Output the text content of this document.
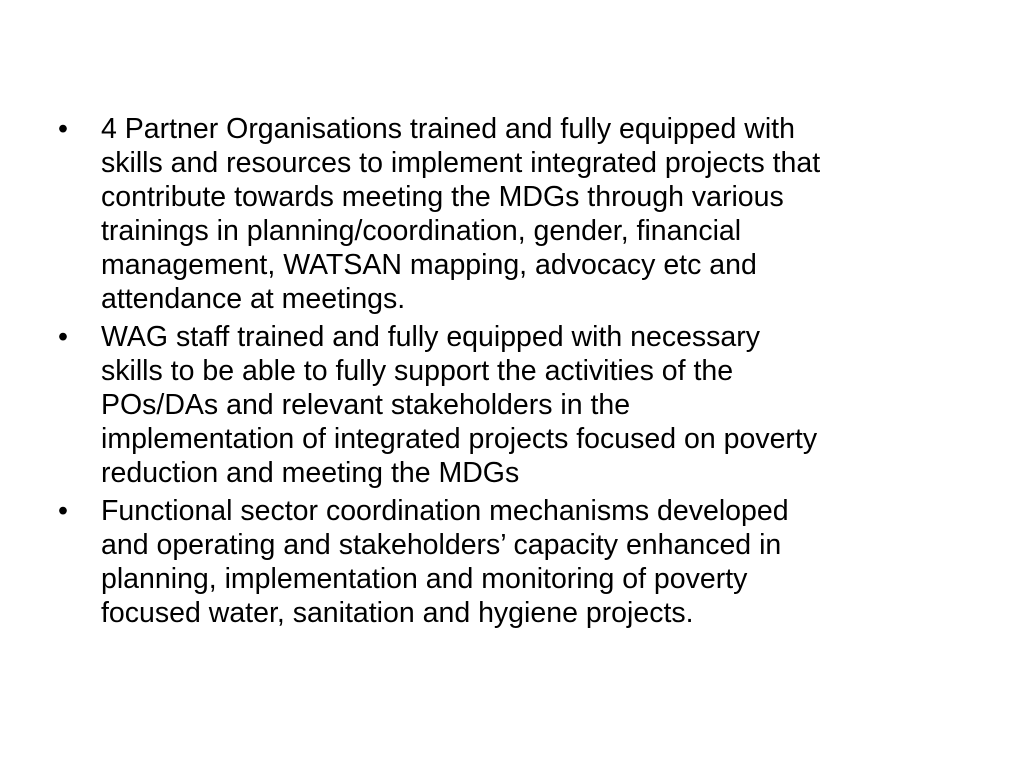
•	4 Partner Organisations trained and fully equipped with
skills and resources to implement integrated projects that
contribute towards meeting the MDGs through various
trainings in planning/coordination, gender, financial
management, WATSAN mapping, advocacy etc and
attendance at meetings.
•	WAG staff trained and fully equipped with necessary
skills to be able to fully support the activities of the
POs/DAs and relevant stakeholders in the
implementation of integrated projects focused on poverty
reduction and meeting the MDGs
•	Functional sector coordination mechanisms developed
and operating and stakeholders’ capacity enhanced in
planning, implementation and monitoring of poverty
focused water, sanitation and hygiene projects.
